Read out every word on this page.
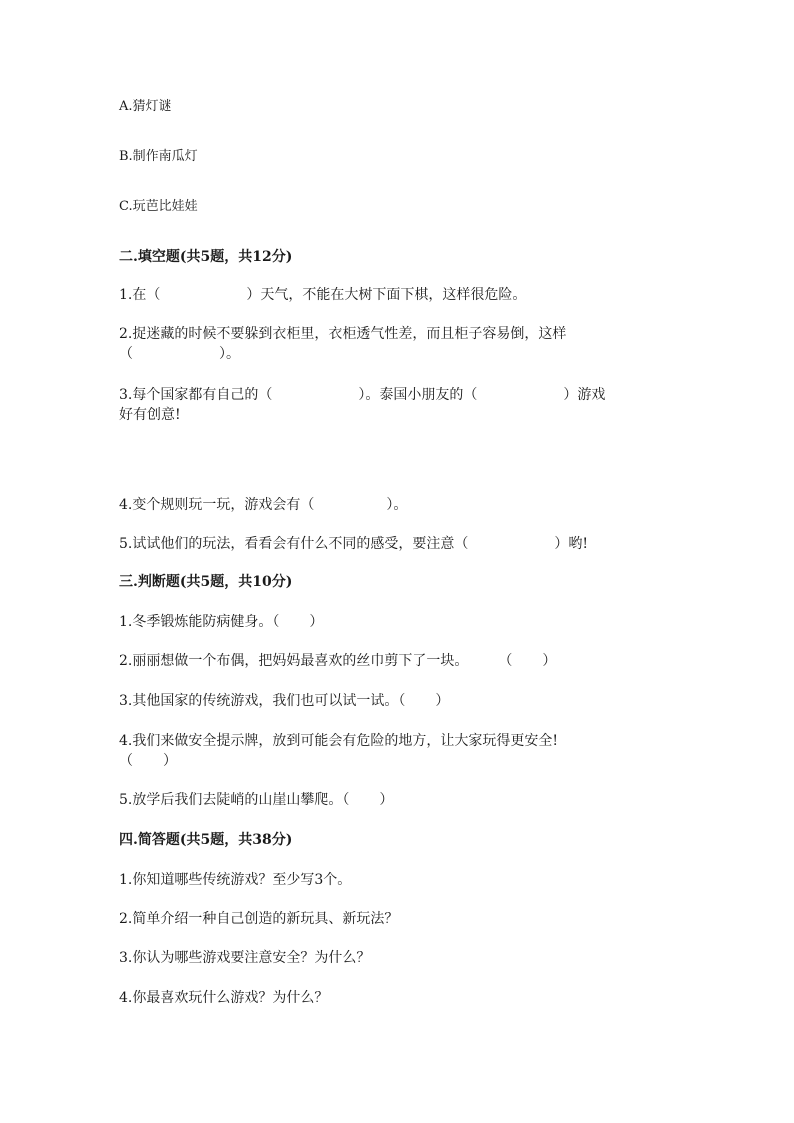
A.猜灯谜
B.制作南瓜灯
C.玩芭比娃娃
二.填空题(共5题，共12分)
1.在（	）天气，不能在大树下面下棋，这样很危险。
2.捉迷藏的时候不要躲到衣柜里，衣柜透气性差，而且柜子容易倒，这样
（	）。
3.每个国家都有自己的（	）。泰国小朋友的（	）游戏
好有创意!
4.变个规则玩一玩，游戏会有（	）。
5.试试他们的玩法，看看会有什么不同的感受，要注意（	）哟!
三.判断题(共5题，共10分)
1.冬季锻炼能防病健身。（ ）
2.丽丽想做一个布偶，把妈妈最喜欢的丝巾剪下了一块。 （ ）
3.其他国家的传统游戏，我们也可以试一试。（ ）
4.我们来做安全提示牌，放到可能会有危险的地方，让大家玩得更安全!
（ ）
5.放学后我们去陡峭的山崖山攀爬。（ ）
四.简答题(共5题，共38分)
1.你知道哪些传统游戏？至少写3个。
2.简单介绍一种自己创造的新玩具、新玩法？
3.你认为哪些游戏要注意安全？为什么？
4.你最喜欢玩什么游戏？为什么？
